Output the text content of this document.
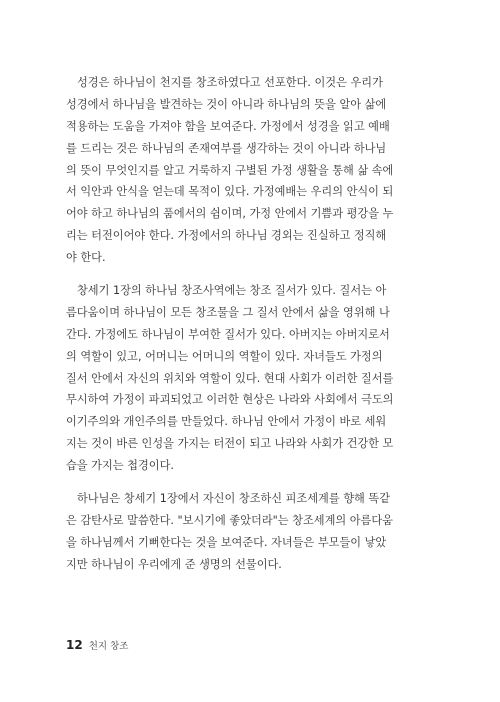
성경은 하나님이 천지를 창조하였다고 선포한다. 이것은 우리가
성경에서 하나님을 발견하는 것이 아니라 하나님의 뜻을 알아 삶에
적용하는 도움을 가져야 함을 보여준다. 가정에서 성경을 읽고 예배
를 드리는 것은 하나님의 존재여부를 생각하는 것이 아니라 하나님
의 뜻이 무엇인지를 알고 거룩하지 구별된 가정 생활을 통해 삶 속에
서 익안과 안식을 얻는데 목적이 있다. 가정예배는 우리의 안식이 되
어야 하고 하나님의 품에서의 쉼이며, 가정 안에서 기쁨과 평강을 누
리는 터전이어야 한다. 가정에서의 하나님 경외는 진실하고 정직해
야 한다.

창세기 1장의 하나님 창조사역에는 창조 질서가 있다. 질서는 아
름다움이며 하나님이 모든 창조물을 그 질서 안에서 삶을 영위해 나
간다. 가정에도 하나님이 부여한 질서가 있다. 아버지는 아버지로서
의 역할이 있고, 어머니는 어머니의 역할이 있다. 자녀들도 가정의
질서 안에서 자신의 위치와 역할이 있다. 현대 사회가 이러한 질서를
무시하여 가정이 파괴되었고 이러한 현상은 나라와 사회에서 극도의
이기주의와 개인주의를 만들었다. 하나님 안에서 가정이 바로 세워
지는 것이 바른 인성을 가지는 터전이 되고 나라와 사회가 건강한 모
습을 가지는 첩경이다.

하나님은 창세기 1장에서 자신이 창조하신 피조세계를 향해 똑같
은 감탄사로 말씀한다. "보시기에 좋았더라"는 창조세계의 아름다움
을 하나님께서 기뻐한다는 것을 보여준다. 자녀들은 부모들이 낳았
지만 하나님이 우리에게 준 생명의 선물이다.

12 천지 창조
